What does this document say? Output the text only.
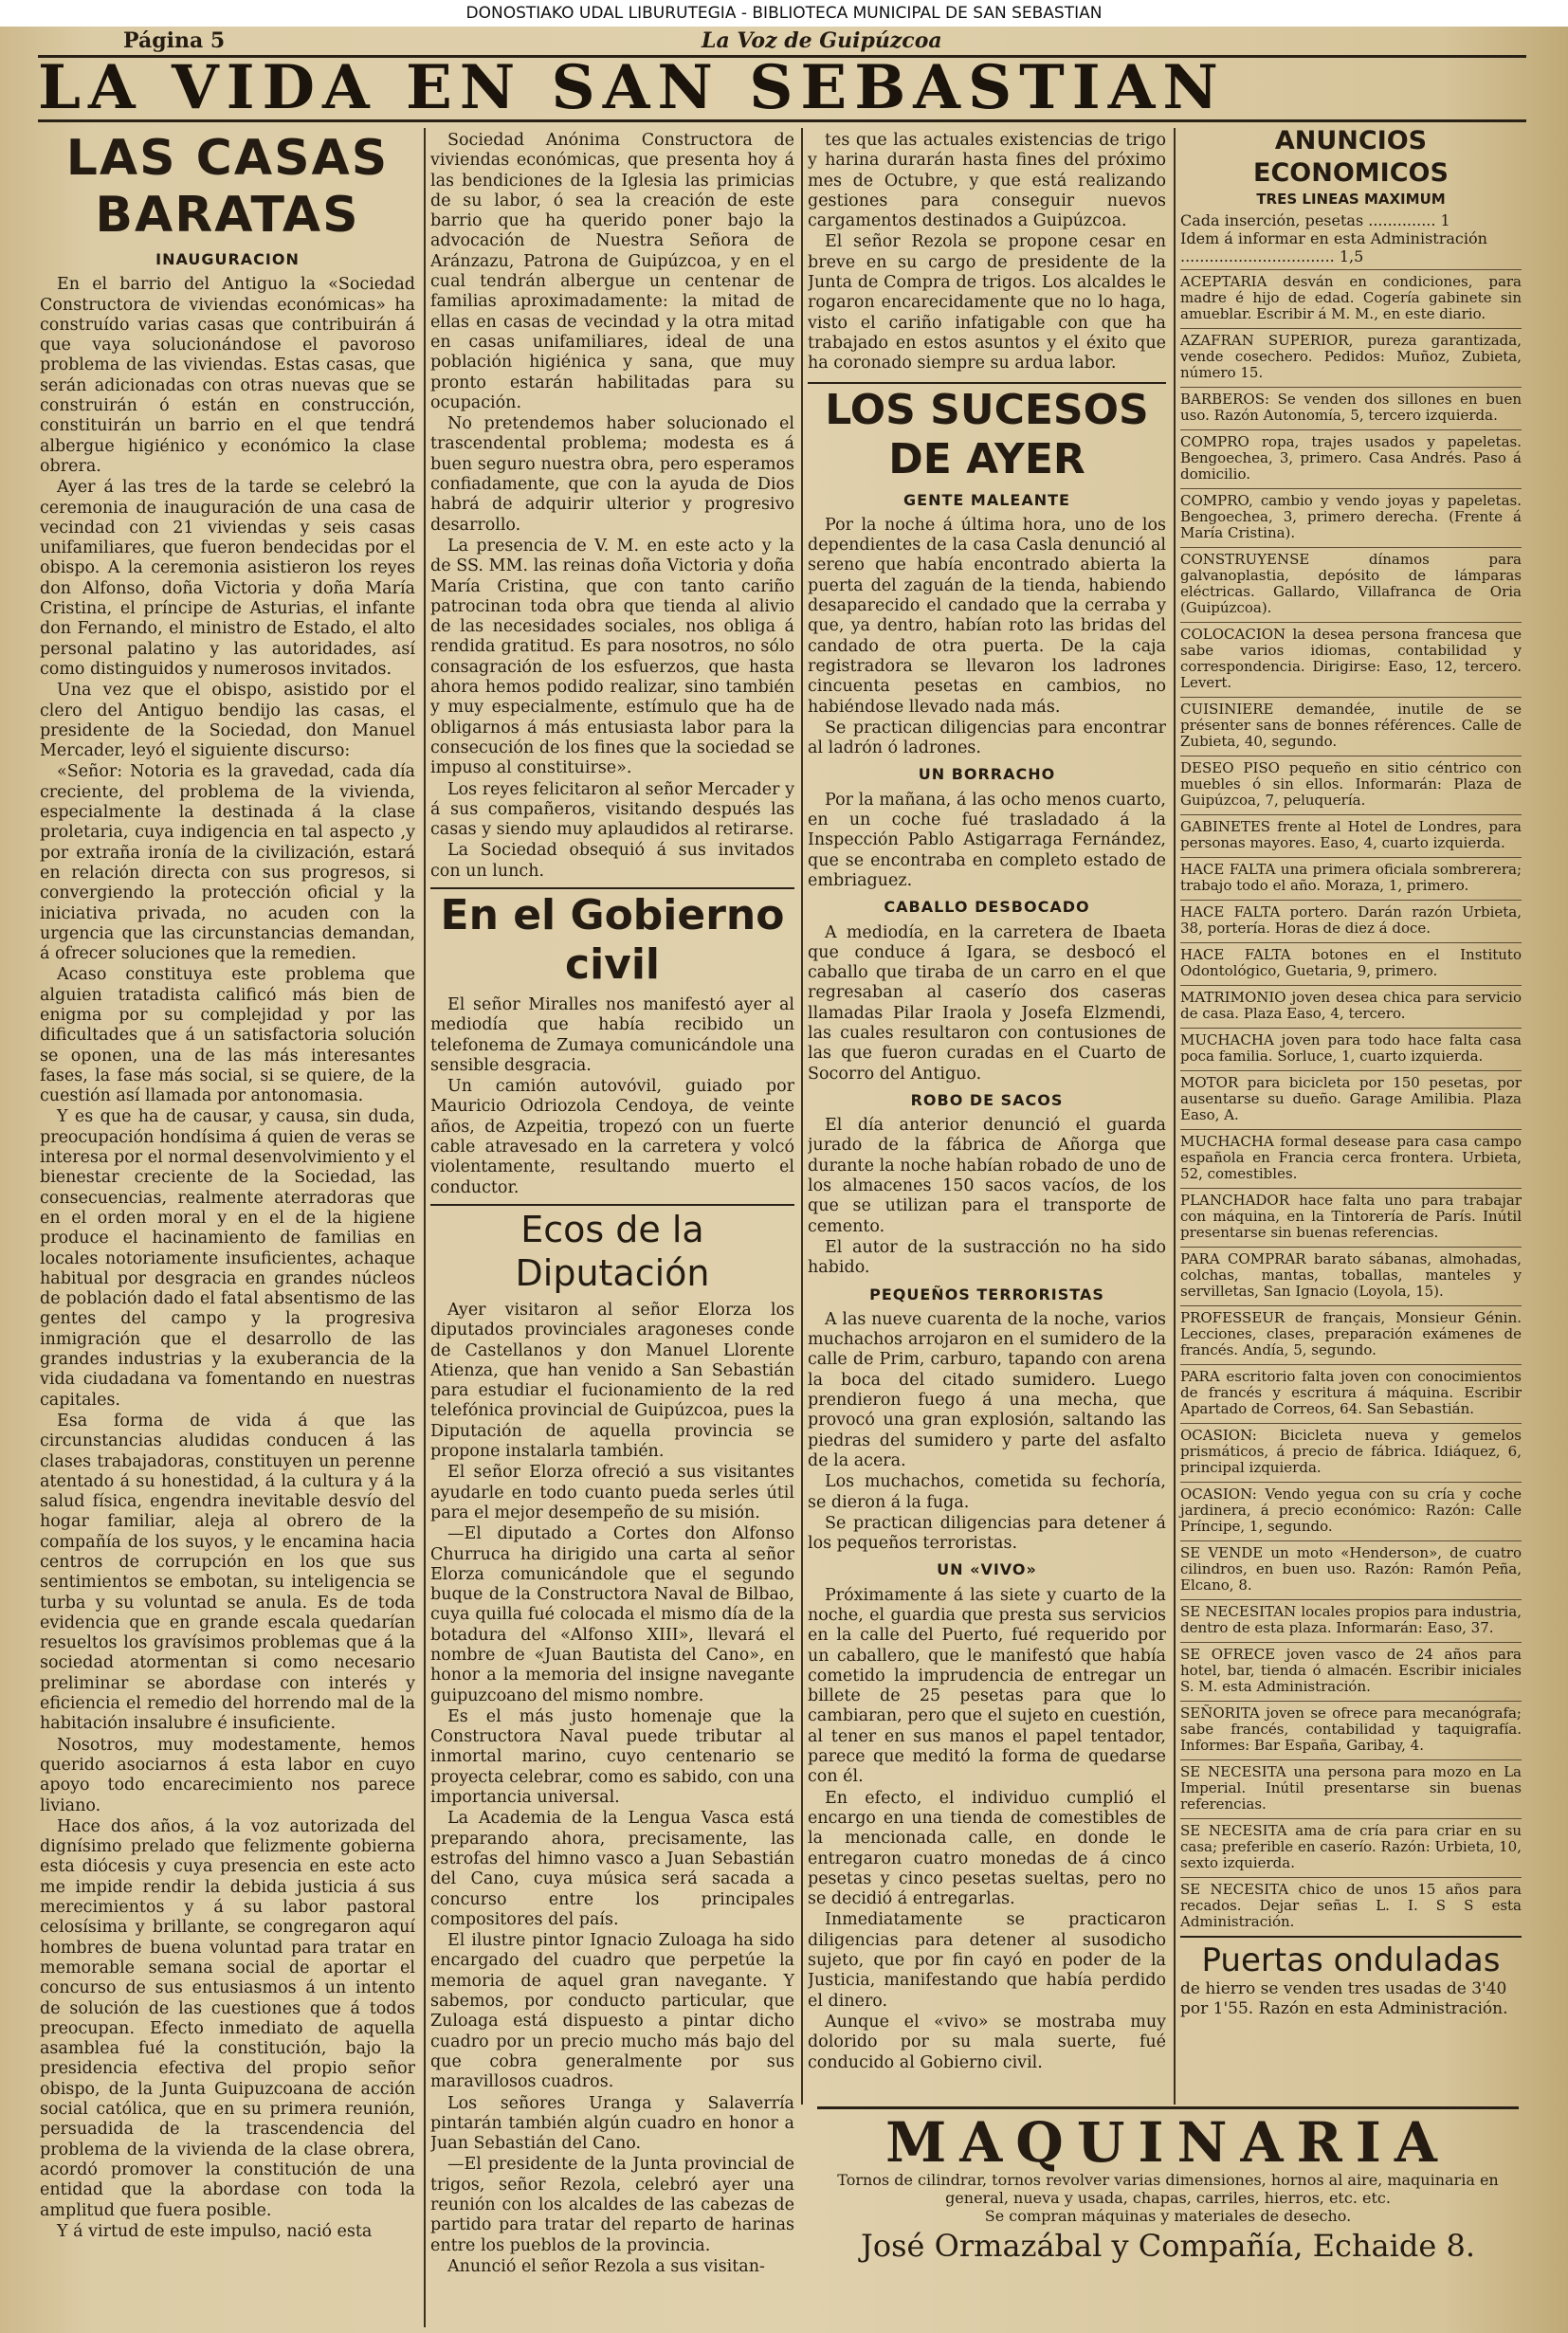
DONOSTIAKO UDAL LIBURUTEGIA - BIBLIOTECA MUNICIPAL DE SAN SEBASTIAN
Página 5	La Voz de Guipúzcoa
LA VIDA EN SAN SEBASTIAN
LAS CASAS BARATAS
INAUGURACION

En el barrio del Antiguo la «Sociedad Constructora de viviendas económicas» ha construído varias casas que contribuirán á que vaya solucionándose el pavoroso problema de las viviendas. Estas casas, que serán adicionadas con otras nuevas que se construirán ó están en construcción, constituirán un barrio en el que tendrá albergue higiénico y económico la clase obrera.

Ayer á las tres de la tarde se celebró la ceremonia de inauguración de una casa de vecindad con 21 viviendas y seis casas unifamiliares, que fueron bendecidas por el obispo. A la ceremonia asistieron los reyes don Alfonso, doña Victoria y doña María Cristina, el príncipe de Asturias, el infante don Fernando, el ministro de Estado, el alto personal palatino y las autoridades, así como distinguidos y numerosos invitados.

Una vez que el obispo, asistido por el clero del Antiguo bendijo las casas, el presidente de la Sociedad, don Manuel Mercader, leyó el siguiente discurso:

«Señor: Notoria es la gravedad, cada día creciente, del problema de la vivienda, especialmente la destinada á la clase proletaria, cuya indigencia en tal aspecto ,y por extraña ironía de la civilización, estará en relación directa con sus progresos, si convergiendo la protección oficial y la iniciativa privada, no acuden con la urgencia que las circunstancias demandan, á ofrecer soluciones que la remedien.

Acaso constituya este problema que alguien tratadista calificó más bien de enigma por su complejidad y por las dificultades que á un satisfactoria solución se oponen, una de las más interesantes fases, la fase más social, si se quiere, de la cuestión así llamada por antonomasia.

Y es que ha de causar, y causa, sin duda, preocupación hondísima á quien de veras se interesa por el normal desenvolvimiento y el bienestar creciente de la Sociedad, las consecuencias, realmente aterradoras que en el orden moral y en el de la higiene produce el hacinamiento de familias en locales notoriamente insuficientes, achaque habitual por desgracia en grandes núcleos de población dado el fatal absentismo de las gentes del campo y la progresiva inmigración que el desarrollo de las grandes industrias y la exuberancia de la vida ciudadana va fomentando en nuestras capitales.

Esa forma de vida á que las circunstancias aludidas conducen á las clases trabajadoras, constituyen un perenne atentado á su honestidad, á la cultura y á la salud física, engendra inevitable desvío del hogar familiar, aleja al obrero de la compañía de los suyos, y le encamina hacia centros de corrupción en los que sus sentimientos se embotan, su inteligencia se turba y su voluntad se anula. Es de toda evidencia que en grande escala quedarían resueltos los gravísimos problemas que á la sociedad atormentan si como necesario preliminar se abordase con interés y eficiencia el remedio del horrendo mal de la habitación insalubre é insuficiente.

Nosotros, muy modestamente, hemos querido asociarnos á esta labor en cuyo apoyo todo encarecimiento nos parece liviano.

Hace dos años, á la voz autorizada del dignísimo prelado que felizmente gobierna esta diócesis y cuya presencia en este acto me impide rendir la debida justicia á sus merecimientos y á su labor pastoral celosísima y brillante, se congregaron aquí hombres de buena voluntad para tratar en memorable semana social de aportar el concurso de sus entusiasmos á un intento de solución de las cuestiones que á todos preocupan. Efecto inmediato de aquella asamblea fué la constitución, bajo la presidencia efectiva del propio señor obispo, de la Junta Guipuzcoana de acción social católica, que en su primera reunión, persuadida de la trascendencia del problema de la vivienda de la clase obrera, acordó promover la constitución de una entidad que la abordase con toda la amplitud que fuera posible.

Y á virtud de este impulso, nació esta

Sociedad Anónima Constructora de viviendas económicas, que presenta hoy á las bendiciones de la Iglesia las primicias de su labor, ó sea la creación de este barrio que ha querido poner bajo la advocación de Nuestra Señora de Aránzazu, Patrona de Guipúzcoa, y en el cual tendrán albergue un centenar de familias aproximadamente: la mitad de ellas en casas de vecindad y la otra mitad en casas unifamiliares, ideal de una población higiénica y sana, que muy pronto estarán habilitadas para su ocupación.

No pretendemos haber solucionado el trascendental problema; modesta es á buen seguro nuestra obra, pero esperamos confiadamente, que con la ayuda de Dios habrá de adquirir ulterior y progresivo desarrollo.

La presencia de V. M. en este acto y la de SS. MM. las reinas doña Victoria y doña María Cristina, que con tanto cariño patrocinan toda obra que tienda al alivio de las necesidades sociales, nos obliga á rendida gratitud. Es para nosotros, no sólo consagración de los esfuerzos, que hasta ahora hemos podido realizar, sino también y muy especialmente, estímulo que ha de obligarnos á más entusiasta labor para la consecución de los fines que la sociedad se impuso al constituirse».

Los reyes felicitaron al señor Mercader y á sus compañeros, visitando después las casas y siendo muy aplaudidos al retirarse.

La Sociedad obsequió á sus invitados con un lunch.

En el Gobierno civil

El señor Miralles nos manifestó ayer al mediodía que había recibido un telefonema de Zumaya comunicándole una sensible desgracia.

Un camión autovóvil, guiado por Mauricio Odriozola Cendoya, de veinte años, de Azpeitia, tropezó con un fuerte cable atravesado en la carretera y volcó violentamente, resultando muerto el conductor.

Ecos de la Diputación

Ayer visitaron al señor Elorza los diputados provinciales aragoneses conde de Castellanos y don Manuel Llorente Atienza, que han venido a San Sebastián para estudiar el fucionamiento de la red telefónica provincial de Guipúzcoa, pues la Diputación de aquella provincia se propone instalarla también.

El señor Elorza ofreció a sus visitantes ayudarle en todo cuanto pueda serles útil para el mejor desempeño de su misión.

—El diputado a Cortes don Alfonso Churruca ha dirigido una carta al señor Elorza comunicándole que el segundo buque de la Constructora Naval de Bilbao, cuya quilla fué colocada el mismo día de la botadura del «Alfonso XIII», llevará el nombre de «Juan Bautista del Cano», en honor a la memoria del insigne navegante guipuzcoano del mismo nombre.

Es el más justo homenaje que la Constructora Naval puede tributar al inmortal marino, cuyo centenario se proyecta celebrar, como es sabido, con una importancia universal.

La Academia de la Lengua Vasca está preparando ahora, precisamente, las estrofas del himno vasco a Juan Sebastián del Cano, cuya música será sacada a concurso entre los principales compositores del país.

El ilustre pintor Ignacio Zuloaga ha sido encargado del cuadro que perpetúe la memoria de aquel gran navegante. Y sabemos, por conducto particular, que Zuloaga está dispuesto a pintar dicho cuadro por un precio mucho más bajo del que cobra generalmente por sus maravillosos cuadros.

Los señores Uranga y Salaverría pintarán también algún cuadro en honor a Juan Sebastián del Cano.

—El presidente de la Junta provincial de trigos, señor Rezola, celebró ayer una reunión con los alcaldes de las cabezas de partido para tratar del reparto de harinas entre los pueblos de la provincia.

Anunció el señor Rezola a sus visitan-

tes que las actuales existencias de trigo y harina durarán hasta fines del próximo mes de Octubre, y que está realizando gestiones para conseguir nuevos cargamentos destinados a Guipúzcoa.

El señor Rezola se propone cesar en breve en su cargo de presidente de la Junta de Compra de trigos. Los alcaldes le rogaron encarecidamente que no lo haga, visto el cariño infatigable con que ha trabajado en estos asuntos y el éxito que ha coronado siempre su ardua labor.

LOS SUCESOS DE AYER
GENTE MALEANTE

Por la noche á última hora, uno de los dependientes de la casa Casla denunció al sereno que había encontrado abierta la puerta del zaguán de la tienda, habiendo desaparecido el candado que la cerraba y que, ya dentro, habían roto las bridas del candado de otra puerta. De la caja registradora se llevaron los ladrones cincuenta pesetas en cambios, no habiéndose llevado nada más.

Se practican diligencias para encontrar al ladrón ó ladrones.

UN BORRACHO

Por la mañana, á las ocho menos cuarto, en un coche fué trasladado á la Inspección Pablo Astigarraga Fernández, que se encontraba en completo estado de embriaguez.

CABALLO DESBOCADO

A mediodía, en la carretera de Ibaeta que conduce á Igara, se desbocó el caballo que tiraba de un carro en el que regresaban al caserío dos caseras llamadas Pilar Iraola y Josefa Elzmendi, las cuales resultaron con contusiones de las que fueron curadas en el Cuarto de Socorro del Antiguo.

ROBO DE SACOS

El día anterior denunció el guarda jurado de la fábrica de Añorga que durante la noche habían robado de uno de los almacenes 150 sacos vacíos, de los que se utilizan para el transporte de cemento.

El autor de la sustracción no ha sido habido.

PEQUEÑOS TERRORISTAS

A las nueve cuarenta de la noche, varios muchachos arrojaron en el sumidero de la calle de Prim, carburo, tapando con arena la boca del citado sumidero. Luego prendieron fuego á una mecha, que provocó una gran explosión, saltando las piedras del sumidero y parte del asfalto de la acera.

Los muchachos, cometida su fechoría, se dieron á la fuga.

Se practican diligencias para detener á los pequeños terroristas.

UN «VIVO»

Próximamente á las siete y cuarto de la noche, el guardia que presta sus servicios en la calle del Puerto, fué requerido por un caballero, que le manifestó que había cometido la imprudencia de entregar un billete de 25 pesetas para que lo cambiaran, pero que el sujeto en cuestión, al tener en sus manos el papel tentador, parece que meditó la forma de quedarse con él.

En efecto, el individuo cumplió el encargo en una tienda de comestibles de la mencionada calle, en donde le entregaron cuatro monedas de á cinco pesetas y cinco pesetas sueltas, pero no se decidió á entregarlas.

Inmediatamente se practicaron diligencias para detener al susodicho sujeto, que por fin cayó en poder de la Justicia, manifestando que había perdido el dinero.

Aunque el «vivo» se mostraba muy dolorido por su mala suerte, fué conducido al Gobierno civil.

ANUNCIOS ECONOMICOS
TRES LINEAS MAXIMUM
Cada inserción, pesetas .............. 1
Idem á informar en esta Administración ................................ 1,5
ACEPTARIA desván en condiciones, para madre é hijo de edad. Cogería gabinete sin amueblar. Escribir á M. M., en este diario.
AZAFRAN SUPERIOR, pureza garantizada, vende cosechero. Pedidos: Muñoz, Zubieta, número 15.
BARBEROS: Se venden dos sillones en buen uso. Razón Autonomía, 5, tercero izquierda.
COMPRO ropa, trajes usados y papeletas. Bengoechea, 3, primero. Casa Andrés. Paso á domicilio.
COMPRO, cambio y vendo joyas y papeletas. Bengoechea, 3, primero derecha. (Frente á María Cristina).
CONSTRUYENSE dínamos para galvanoplastia, depósito de lámparas eléctricas. Gallardo, Villafranca de Oria (Guipúzcoa).
COLOCACION la desea persona francesa que sabe varios idiomas, contabilidad y correspondencia. Dirigirse: Easo, 12, tercero. Levert.
CUISINIERE demandée, inutile de se présenter sans de bonnes références. Calle de Zubieta, 40, segundo.
DESEO PISO pequeño en sitio céntrico con muebles ó sin ellos. Informarán: Plaza de Guipúzcoa, 7, peluquería.
GABINETES frente al Hotel de Londres, para personas mayores. Easo, 4, cuarto izquierda.
HACE FALTA una primera oficiala sombrerera; trabajo todo el año. Moraza, 1, primero.
HACE FALTA portero. Darán razón Urbieta, 38, portería. Horas de diez á doce.
HACE FALTA botones en el Instituto Odontológico, Guetaria, 9, primero.
MATRIMONIO joven desea chica para servicio de casa. Plaza Easo, 4, tercero.
MUCHACHA joven para todo hace falta casa poca familia. Sorluce, 1, cuarto izquierda.
MOTOR para bicicleta por 150 pesetas, por ausentarse su dueño. Garage Amilibia. Plaza Easo, A.
MUCHACHA formal desease para casa campo española en Francia cerca frontera. Urbieta, 52, comestibles.
PLANCHADOR hace falta uno para trabajar con máquina, en la Tintorería de París. Inútil presentarse sin buenas referencias.
PARA COMPRAR barato sábanas, almohadas, colchas, mantas, toballas, manteles y servilletas, San Ignacio (Loyola, 15).
PROFESSEUR de français, Monsieur Génin. Lecciones, clases, preparación exámenes de francés. Andía, 5, segundo.
PARA escritorio falta joven con conocimientos de francés y escritura á máquina. Escribir Apartado de Correos, 64. San Sebastián.
OCASION: Bicicleta nueva y gemelos prismáticos, á precio de fábrica. Idiáquez, 6, principal izquierda.
OCASION: Vendo yegua con su cría y coche jardinera, á precio económico: Razón: Calle Príncipe, 1, segundo.
SE VENDE un moto «Henderson», de cuatro cilindros, en buen uso. Razón: Ramón Peña, Elcano, 8.
SE NECESITAN locales propios para industria, dentro de esta plaza. Informarán: Easo, 37.
SE OFRECE joven vasco de 24 años para hotel, bar, tienda ó almacén. Escribir iniciales S. M. esta Administración.
SEÑORITA joven se ofrece para mecanógrafa; sabe francés, contabilidad y taquigrafía. Informes: Bar España, Garibay, 4.
SE NECESITA una persona para mozo en La Imperial. Inútil presentarse sin buenas referencias.
SE NECESITA ama de cría para criar en su casa; preferible en caserío. Razón: Urbieta, 10, sexto izquierda.
SE NECESITA chico de unos 15 años para recados. Dejar señas L. I. S S esta Administración.
Puertas onduladas
de hierro se venden tres usadas de 3'40 por 1'55. Razón en esta Administración.
MAQUINARIA
Tornos de cilindrar, tornos revolver varias dimensiones, hornos al aire, maquinaria en general, nueva y usada, chapas, carriles, hierros, etc. etc.
Se compran máquinas y materiales de desecho.
José Ormazábal y Compañía, Echaide 8.
